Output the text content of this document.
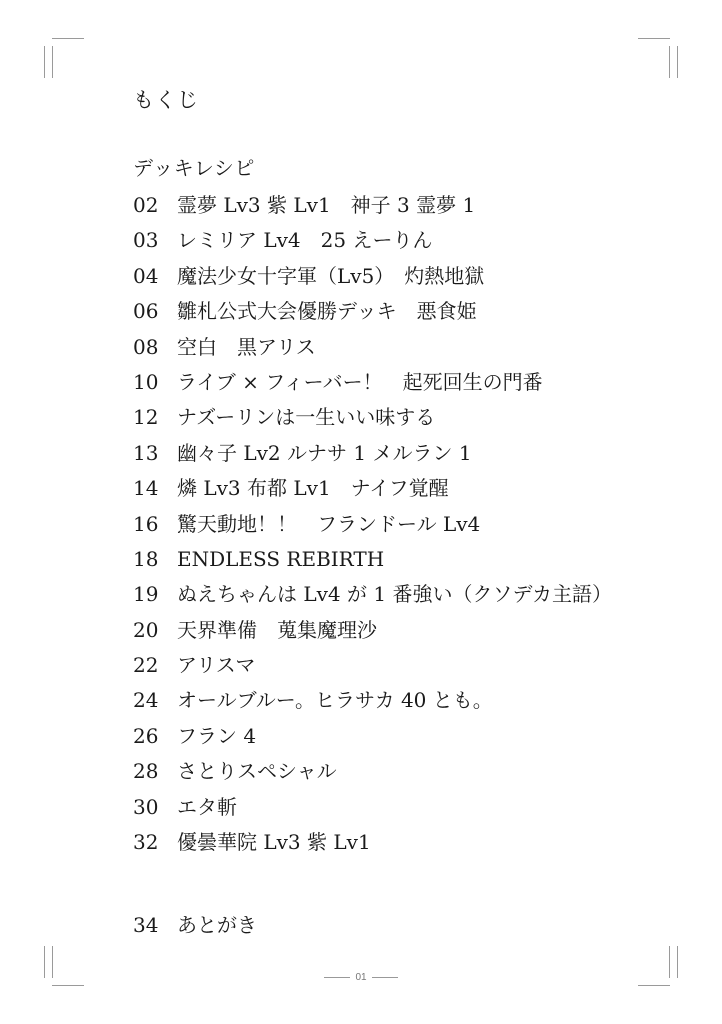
もくじ
デッキレシピ
02 霊夢 Lv3 紫 Lv1　神子 3 霊夢 1
03 レミリア Lv4　25 えーりん
04 魔法少女十字軍（Lv5）　灼熱地獄
06 雛札公式大会優勝デッキ　悪食姫
08 空白　黒アリス
10 ライブ × フィーバー！　起死回生の門番
12 ナズーリンは一生いい味する
13 幽々子 Lv2 ルナサ 1 メルラン 1
14 燐 Lv3 布都 Lv1　ナイフ覚醒
16 驚天動地！！　フランドール Lv4
18 ENDLESS REBIRTH
19 ぬえちゃんは Lv4 が 1 番強い（クソデカ主語）
20 天界準備　蒐集魔理沙
22 アリスマ
24 オールブルー。ヒラサカ 40 とも。
26 フラン 4
28 さとりスペシャル
30 エタ斬
32 優曇華院 Lv3 紫 Lv1
34 あとがき
01
